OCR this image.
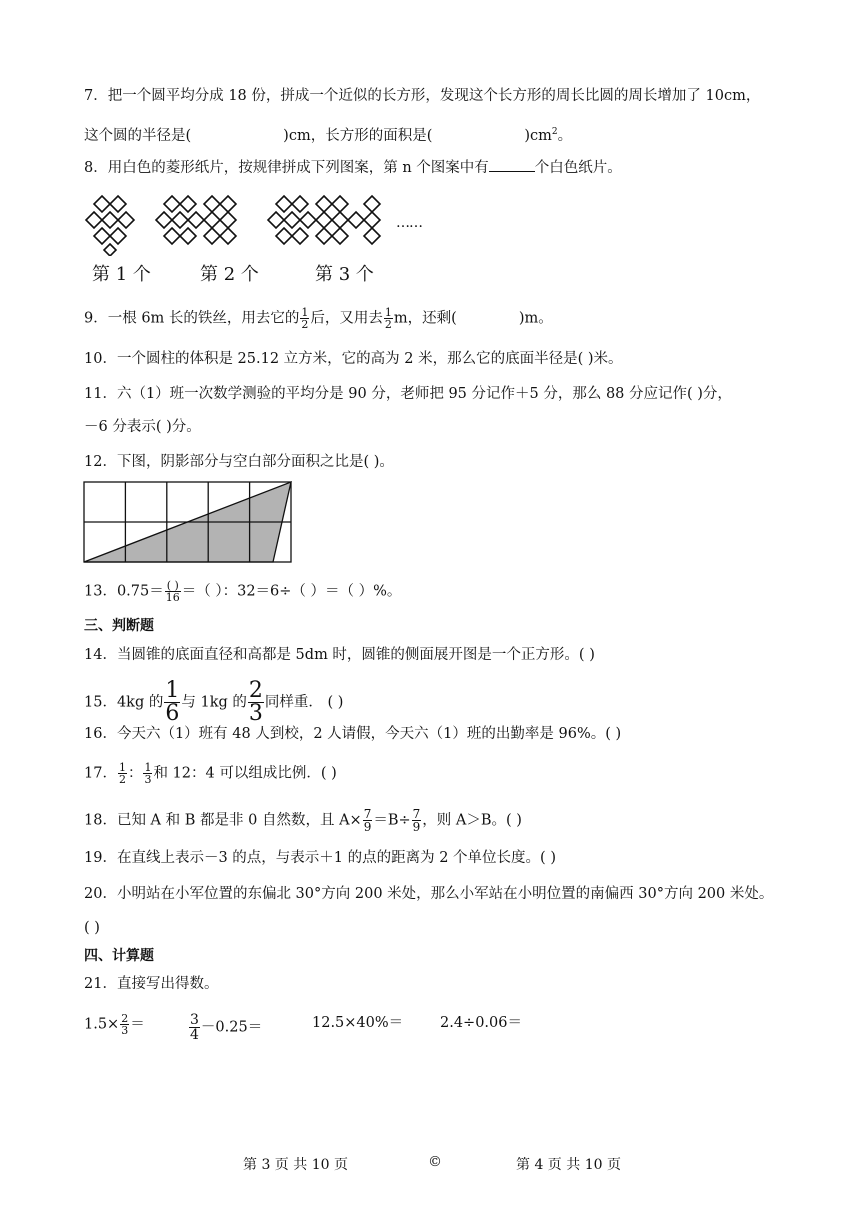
7．把一个圆平均分成 18 份，拼成一个近似的长方形，发现这个长方形的周长比圆的周长增加了 10cm，
这个圆的半径是(	)cm，长方形的面积是(	)$cm^2$。
8．用白色的菱形纸片，按规律拼成下列图案，第 n 个图案中有	个白色纸片。
……
第 1 个	第 2 个	第 3 个
9．一根 6m 长的铁丝，用去它的 $\frac{1}{2}$ 后，又用去 $\frac{1}{2}$ m，还剩(	)m。
10．一个圆柱的体积是 25.12 立方米，它的高为 2 米，那么它的底面半径是( )米。
11．六（1）班一次数学测验的平均分是 90 分，老师把 95 分记作＋5 分，那么 88 分应记作( )分，
－6 分表示( )分。
12．下图，阴影部分与空白部分面积之比是( )。
13．$0.75= \frac{( )}{16}$ ＝（ ）：32＝6÷（ ）＝（ ）%。
三、判断题
14．当圆锥的底面直径和高都是 5dm 时，圆锥的侧面展开图是一个正方形。( )
15．4kg 的 $\frac{1}{6}$ 与 1kg 的 $\frac{2}{3}$ 同样重． ( )
16．今天六（1）班有 48 人到校，2 人请假，今天六（1）班的出勤率是 96%。( )
17． $\frac{1}{2}$ ： $\frac{1}{3}$ 和 12：4 可以组成比例．( )
18．已知 A 和 B 都是非 0 自然数，且 $A\times \frac{7}{9} =B\div \frac{7}{9}$ ，则 A＞B。( )
19．在直线上表示－3 的点，与表示＋1 的点的距离为 2 个单位长度。( )
20．小明站在小军位置的东偏北 30°方向 200 米处，那么小军站在小明位置的南偏西 30°方向 200 米处。
( )
四、计算题
21．直接写出得数。
$1.5\times \frac{2}{3}$ ＝	$\frac{3}{4} -0.25=$	12.5×40%＝	2.4÷0.06＝
第 3 页 共 10 页	©	第 4 页 共 10 页
